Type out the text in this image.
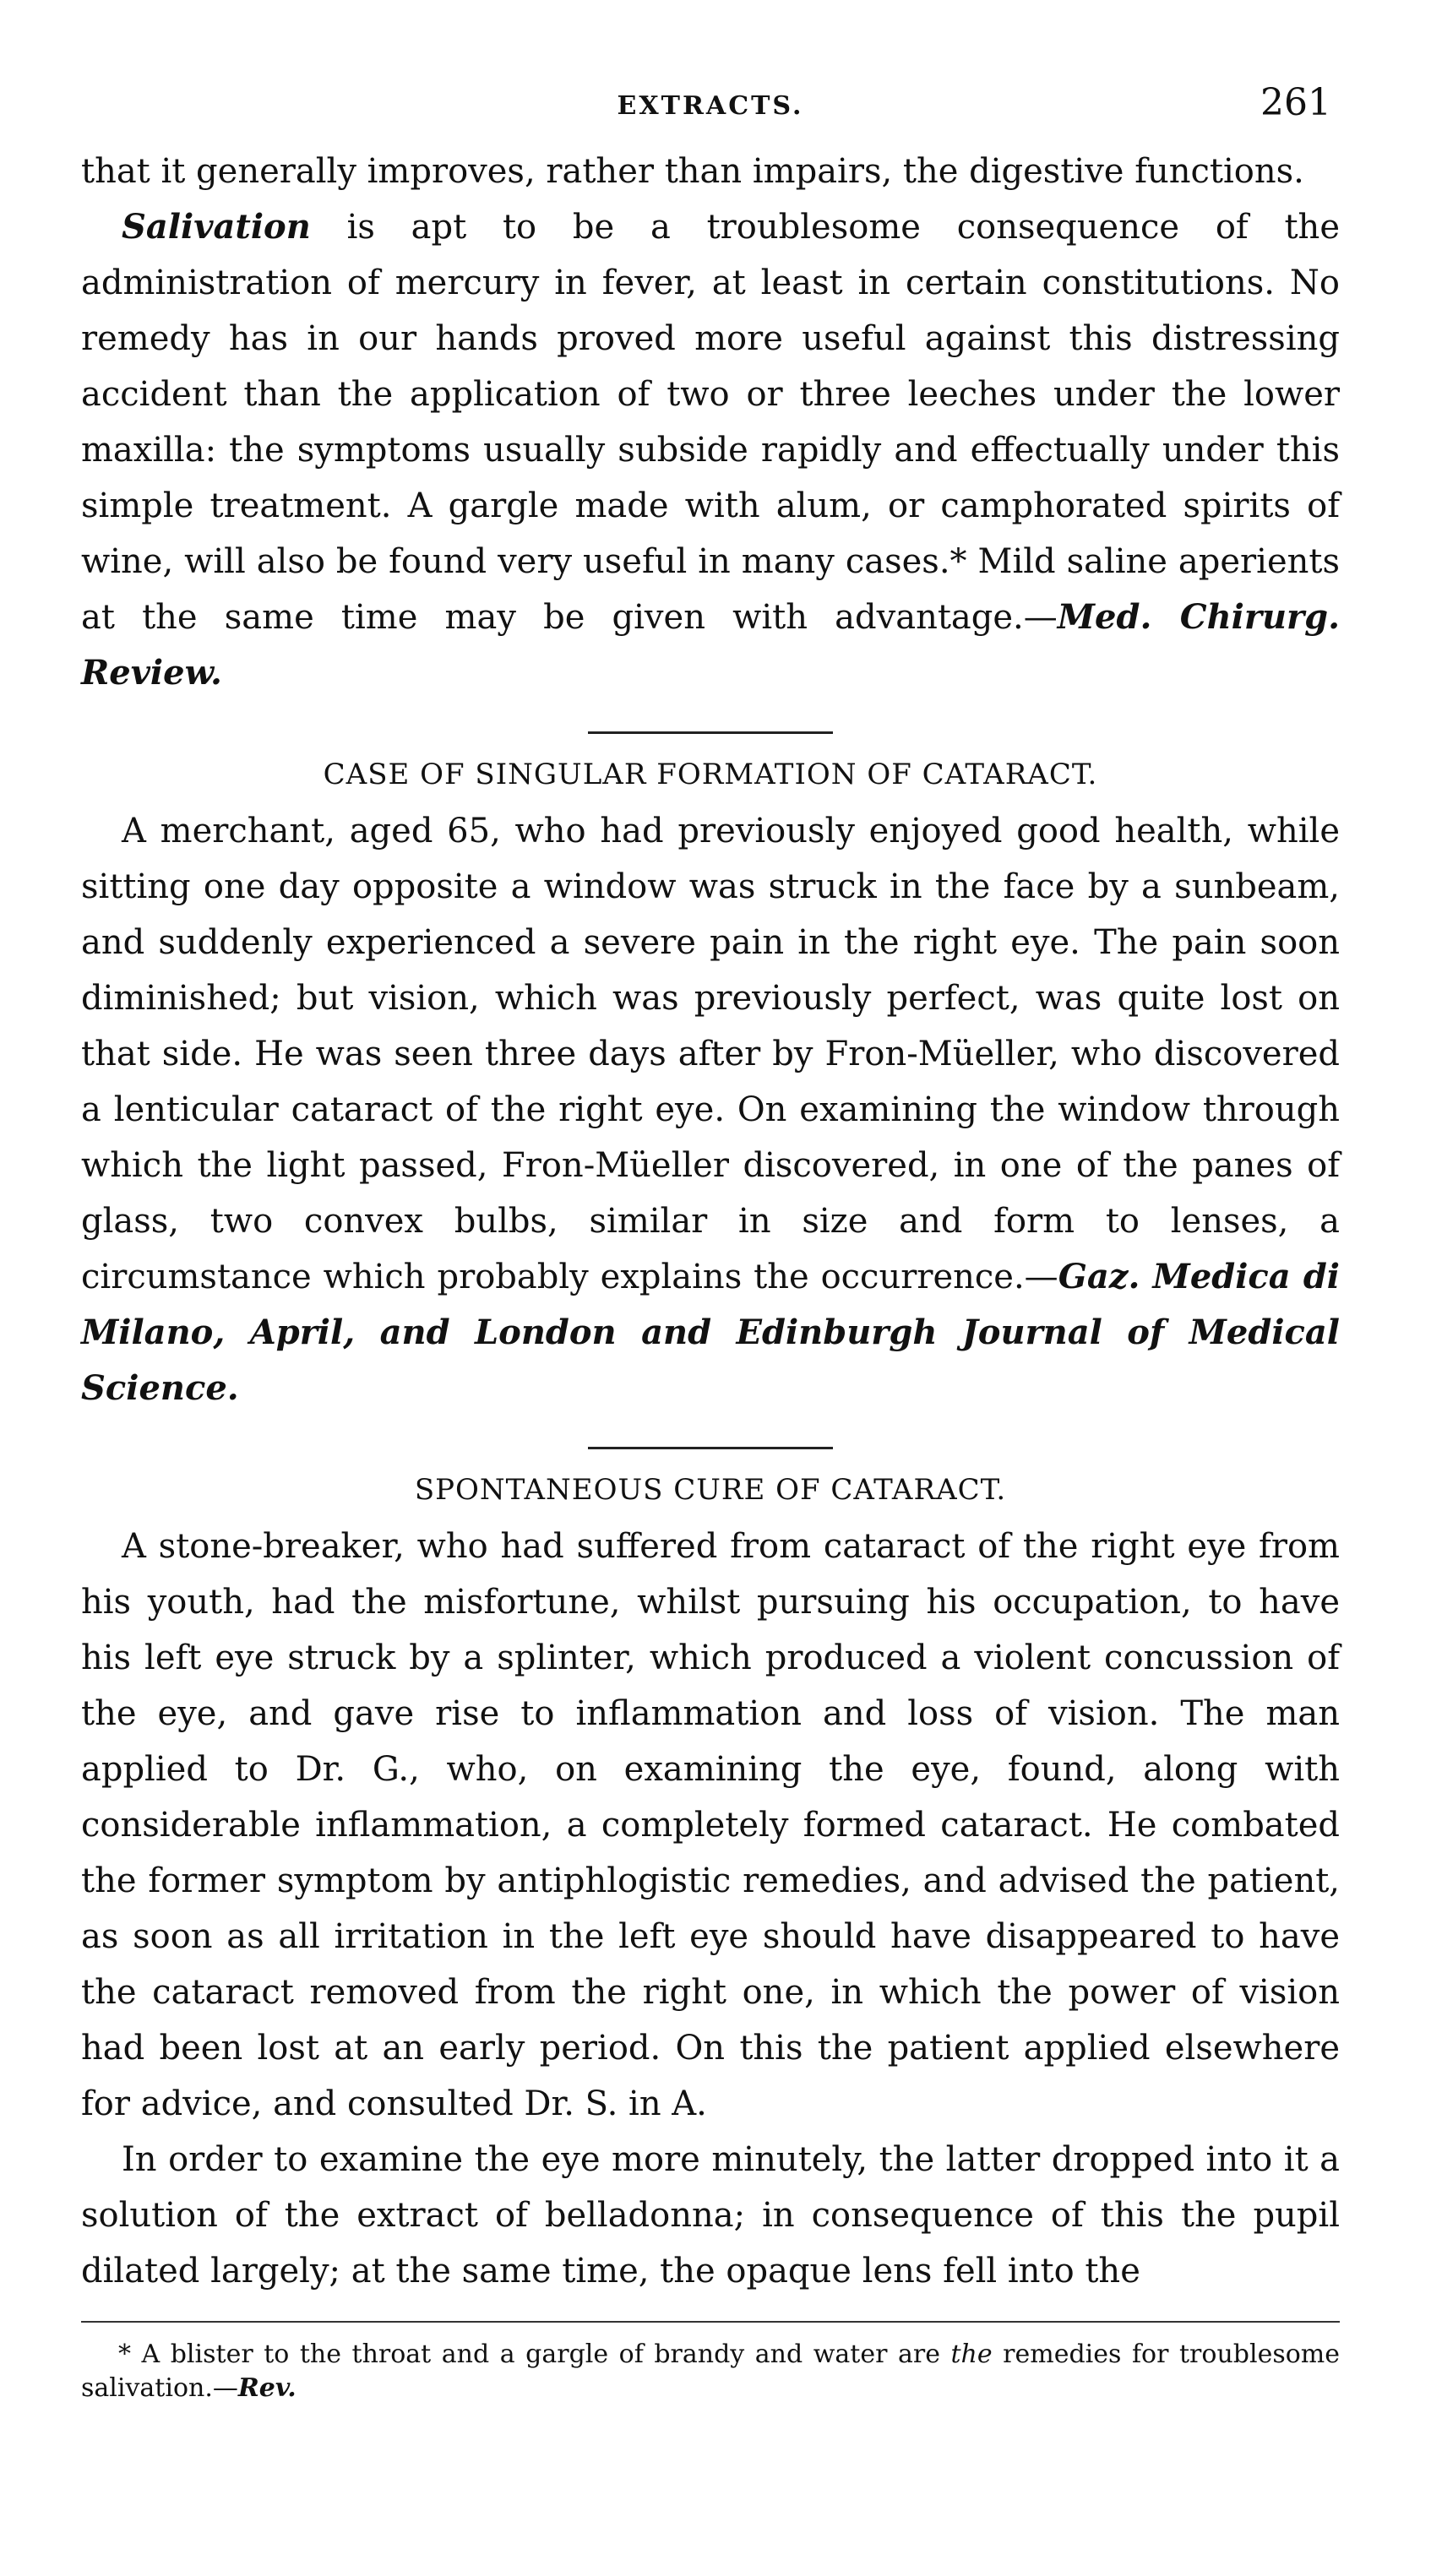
EXTRACTS.	261

that it generally improves, rather than impairs, the digestive functions.

Salivation is apt to be a troublesome consequence of the administration of mercury in fever, at least in certain constitutions. No remedy has in our hands proved more useful against this distressing accident than the application of two or three leeches under the lower maxilla: the symptoms usually subside rapidly and effectually under this simple treatment. A gargle made with alum, or camphorated spirits of wine, will also be found very useful in many cases.* Mild saline aperients at the same time may be given with advantage.—Med. Chirurg. Review.

CASE OF SINGULAR FORMATION OF CATARACT.

A merchant, aged 65, who had previously enjoyed good health, while sitting one day opposite a window was struck in the face by a sunbeam, and suddenly experienced a severe pain in the right eye. The pain soon diminished; but vision, which was previously perfect, was quite lost on that side. He was seen three days after by Fron-Müeller, who discovered a lenticular cataract of the right eye. On examining the window through which the light passed, Fron-Müeller discovered, in one of the panes of glass, two convex bulbs, similar in size and form to lenses, a circumstance which probably explains the occurrence.—Gaz. Medica di Milano, April, and London and Edinburgh Journal of Medical Science.

SPONTANEOUS CURE OF CATARACT.

A stone-breaker, who had suffered from cataract of the right eye from his youth, had the misfortune, whilst pursuing his occupation, to have his left eye struck by a splinter, which produced a violent concussion of the eye, and gave rise to inflammation and loss of vision. The man applied to Dr. G., who, on examining the eye, found, along with considerable inflammation, a completely formed cataract. He combated the former symptom by antiphlogistic remedies, and advised the patient, as soon as all irritation in the left eye should have disappeared to have the cataract removed from the right one, in which the power of vision had been lost at an early period. On this the patient applied elsewhere for advice, and consulted Dr. S. in A.

In order to examine the eye more minutely, the latter dropped into it a solution of the extract of belladonna; in consequence of this the pupil dilated largely; at the same time, the opaque lens fell into the

* A blister to the throat and a gargle of brandy and water are the remedies for troublesome salivation.—Rev.
